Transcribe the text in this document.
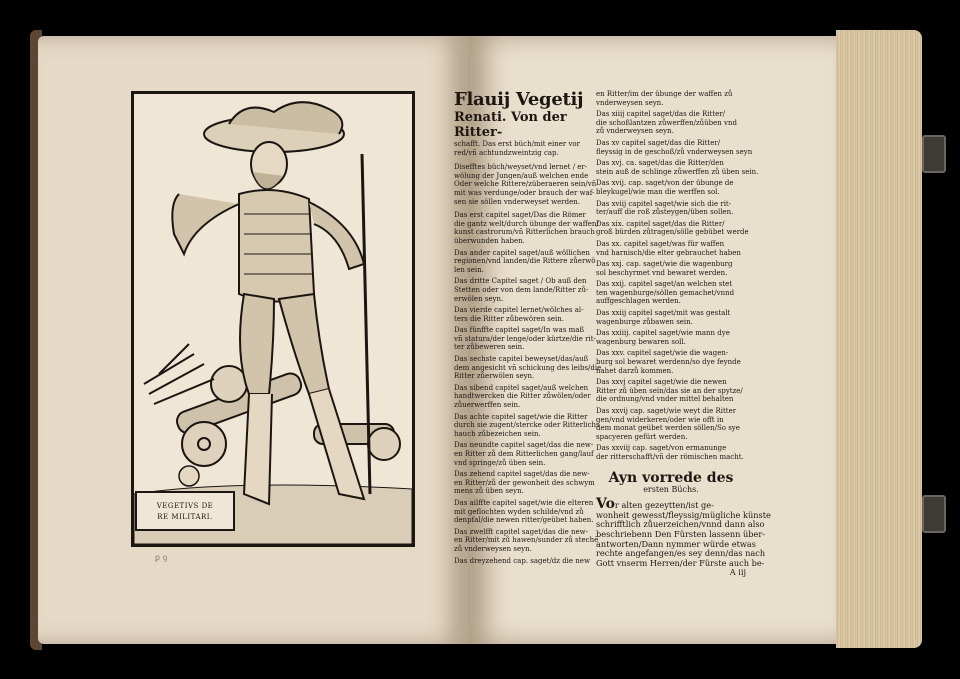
VEGETIVS DE
RE MILITARI.
ꝑ ꝯ
Flauij Vegetij
Renati. Von der Ritter-
schafft. Das erst büch/mit einer vor
red/vñ achtundzweintzig cap.
Disefftes büch/weyset/vnd lernet / er-
wölung der Jungen/auß welchen ende
Oder welche Rittere/züberaeren sein/vñ
mit was verdunge/oder brauch der waf-
sen sie söllen vnderweyset werden.
Das erst capitel saget/Das die Römer
die gantz welt/durch übunge der waffen/
kunst castrorum/vñ Ritterlichen brauch
überwunden haben.
Das ander capitel saget/auß wöllichen
regionen/vnd landen/die Rittere zůerwö
len sein.
Das dritte Capitel saget / Ob auß den
Stetten oder von dem lande/Ritter zů-
erwölen seyn.
Das vierde capitel lernet/wölches al-
ters die Ritter zůbewören sein.
Das fünffte capitel saget/In was maß
vñ statura/der lenge/oder kürtze/die rit-
ter zůbeweren sein.
Das sechste capitel beweyset/das/auß
dem angesicht vñ schickung des leibs/die
Ritter zůerwölen seyn.
Das sibend capitel saget/auß welchen
handtwercken die Ritter zůwölen/oder
zůuerwerffen sein.
Das achte capitel saget/wie die Ritter
durch sie zugent/stercke oder Ritterlichs
hauch zůbezeichen sein.
Das neundte capitel saget/das die new-
en Ritter zů dem Ritterlichen gang/lauf
vnd springe/zů üben sein.
Das zehend capitel saget/das die new-
en Ritter/zů der gewonheit des schwym
mens zů üben seyn.
Das ailffte capitel saget/wie die elteren
mit geflochten wyden schilde/vnd zů
denpfal/die newen ritter/geübet haben.
Das zwelfft capitel saget/das die new-
en Ritter/mit zů hawen/sunder zů stechē
zů vnderweysen seyn.
Das dreyzehend cap. saget/dz die new
en Ritter/im der übunge der waffen zů
vnderweysen seyn.
Das xiiij capitel saget/das die Ritter/
die schoßlantzen zůwerffen/zůüben vnd
zů vnderweysen seyn.
Das xv capitel saget/das die Ritter/
fleyssig in de geschoß/zů vnderweysen seyn
Das xvj. ca. saget/das die Ritter/den
stein auß de schlinge zůwerffen zů üben sein.
Das xvij. cap. saget/von der übunge de
bleykugel/wie man die werffen sol.
Das xviij capitel saget/wie sich die rit-
ter/auff die roß zůsteygen/üben sollen.
Das xix. capitel saget/das die Ritter/
groß bürden zůtragen/sölle gebübet werde
Das xx. capitel saget/was für waffen
vnd harnisch/die elter gebrauchet haben
Das xxj. cap. saget/wie die wagenburg
sol beschyrmet vnd bewaret werden.
Das xxij. capitel saget/an welchen stet
ten wagenburge/söllen gemachet/vnnd
auffgeschlagen werden.
Das xxiij capitel saget/mit was gestalt
wagenburge zůbawen sein.
Das xxiiij. capitel saget/wie mann dye
wagenburg bewaren soll.
Das xxv. capitel saget/wie die wagen-
burg sol bewaret werdenn/so dye feynde
nahet darzů kommen.
Das xxvj capitel saget/wie die newen
Ritter zů üben sein/das sie an der spytze/
die ordnung/vnd vnder mittel behalten
Das xxvij cap. saget/wie weyt die Ritter
gen/vnd widerkeren/oder wie offt in
dem monat geübet werden söllen/So sye
spacyeren gefürt werden.
Das xxviij cap. saget/von ermanunge
der ritterschafft/vñ der römischen macht.
Ayn vorrede des
ersten Büchs.
Vor alten gezeytten/ist ge-
wonheit gewesst/fleyssig/mügliche künste
schrifftlich zůuerzeichen/vnnd dann also
beschriebenn Den Fürsten lassenn über-
antworten/Dann nymmer würde etwas
rechte angefangen/es sey denn/das nach
Gott vnserm Herren/der Fürste auch be-
A iij
